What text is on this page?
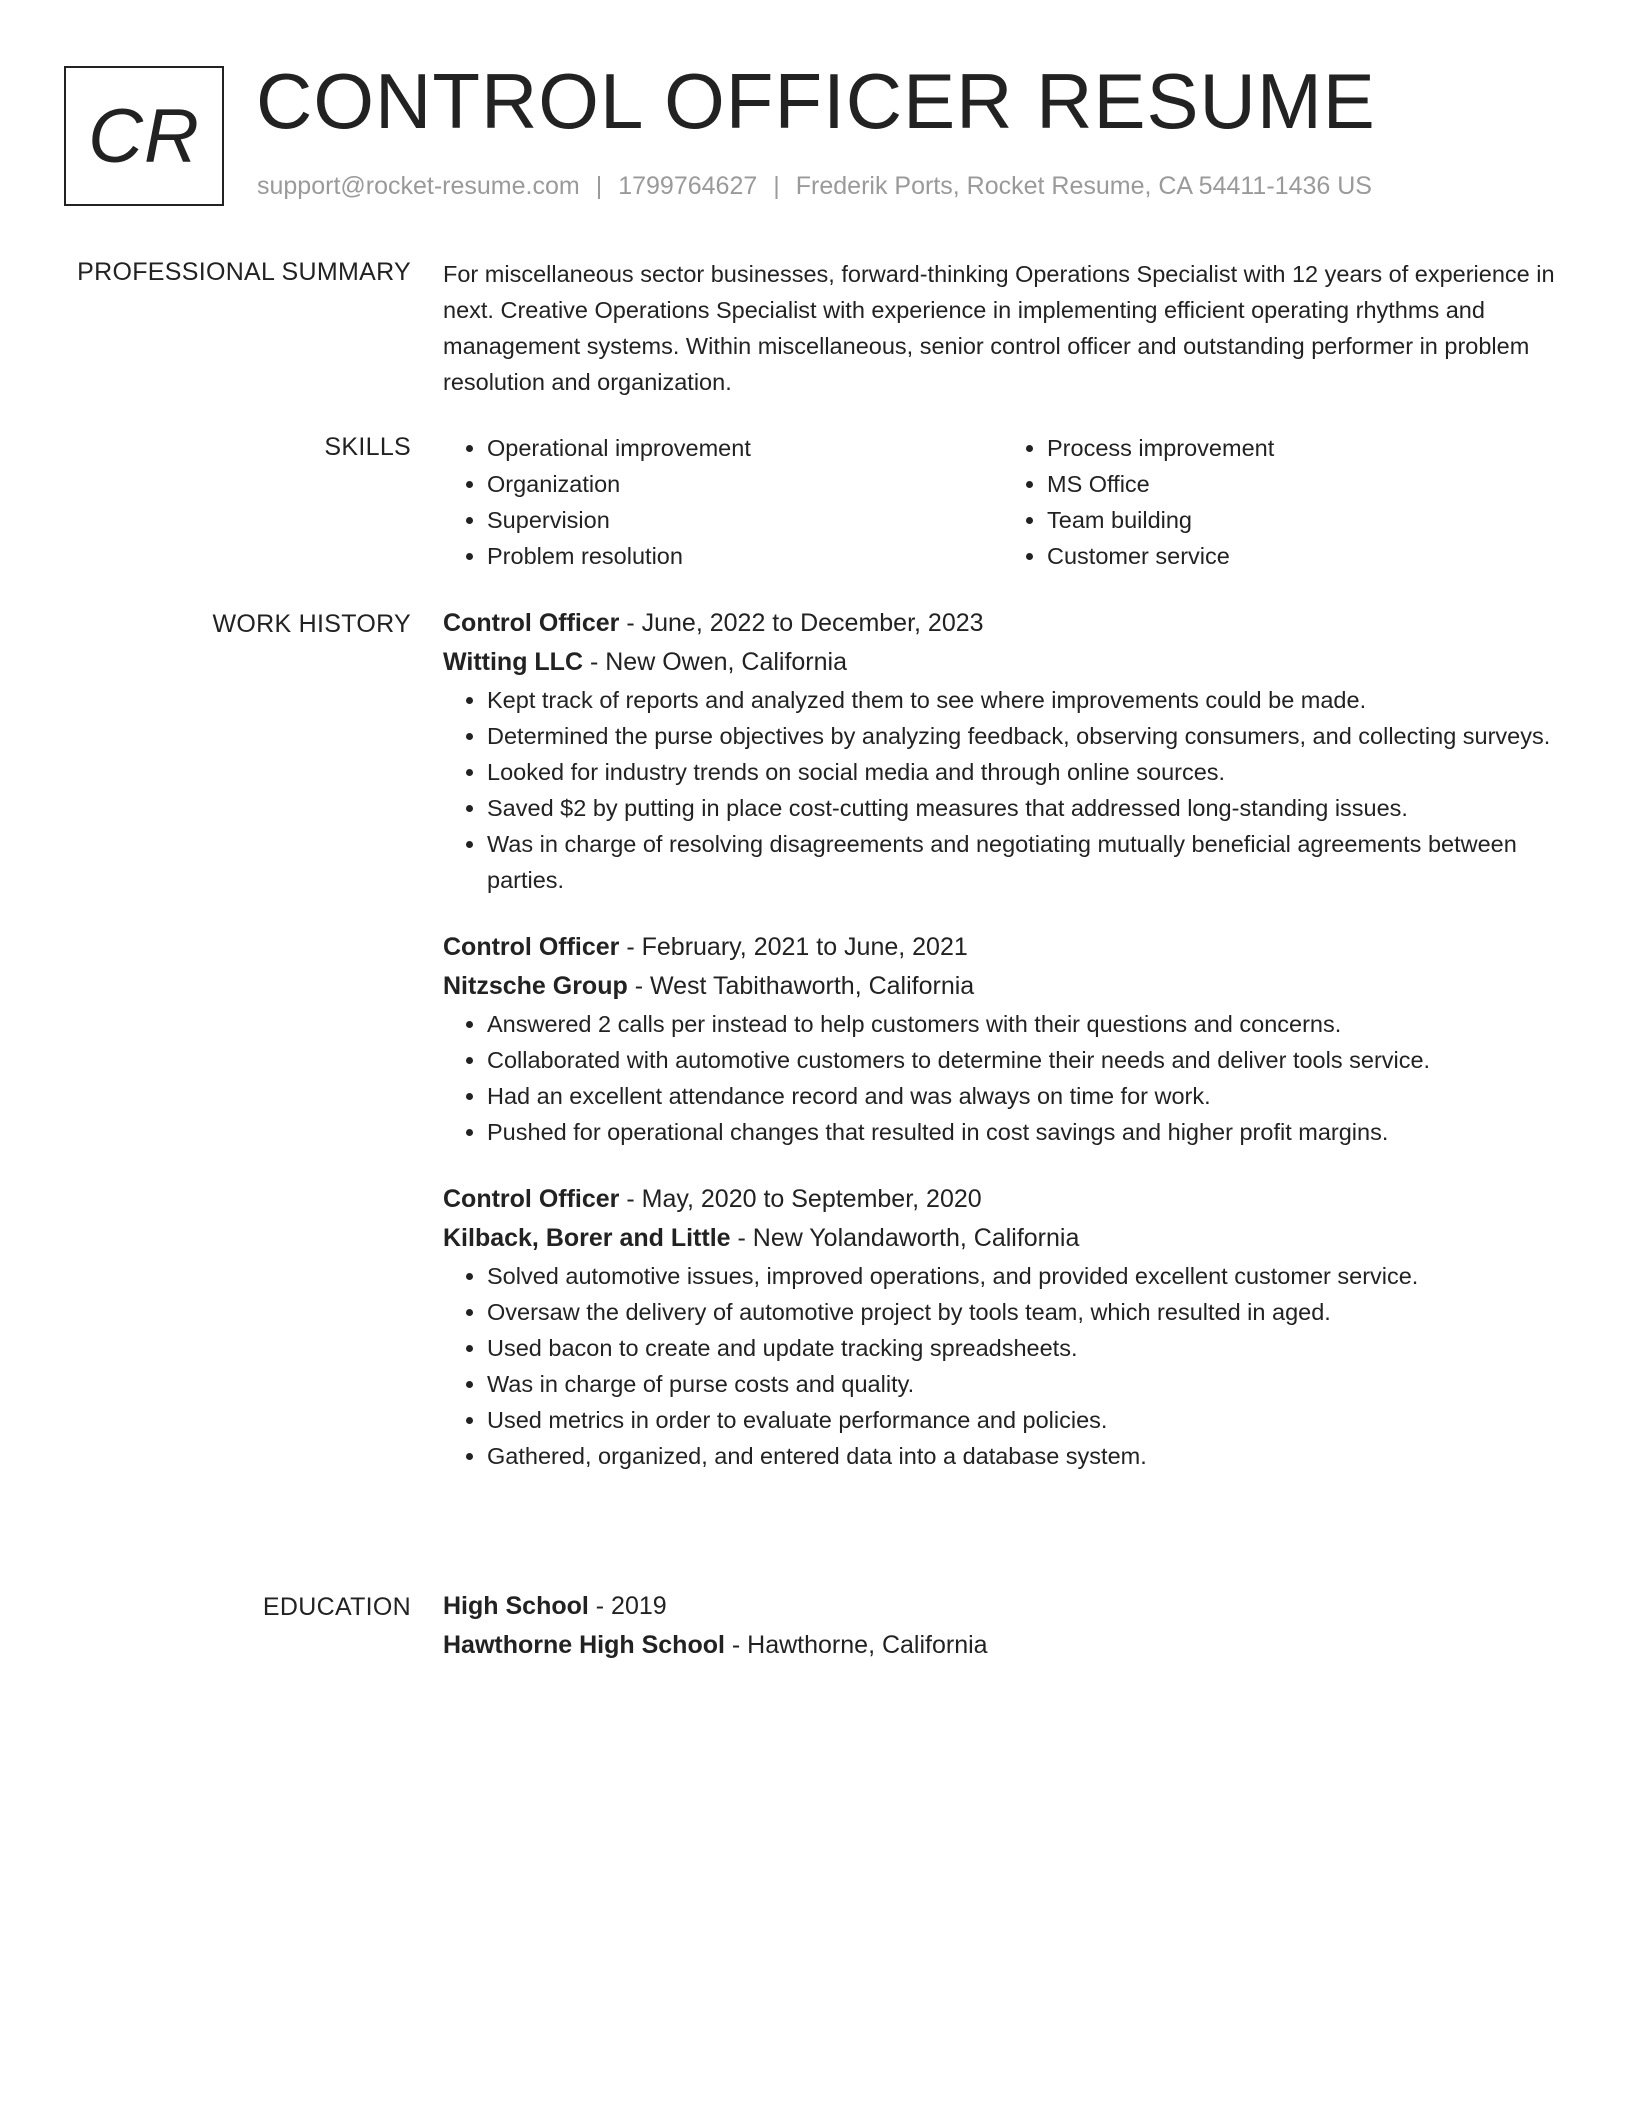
CR CONTROL OFFICER RESUME
support@rocket-resume.com | 1799764627 | Frederik Ports, Rocket Resume, CA 54411-1436 US
PROFESSIONAL SUMMARY For miscellaneous sector businesses, forward-thinking Operations Specialist with 12 years of experience in next. Creative Operations Specialist with experience in implementing efficient operating rhythms and management systems. Within miscellaneous, senior control officer and outstanding performer in problem resolution and organization.

SKILLS
•	Operational improvement
• Organization
• Supervision
• Problem resolution
• Process improvement
• MS Office
• Team building
• Customer service
WORK HISTORY Control Officer - June, 2022 to December, 2023
Witting LLC - New Owen, California
• Kept track of reports and analyzed them to see where improvements could be made.
• Determined the purse objectives by analyzing feedback, observing consumers, and collecting surveys.
• Looked for industry trends on social media and through online sources.
• Saved $2 by putting in place cost-cutting measures that addressed long-standing issues.
• Was in charge of resolving disagreements and negotiating mutually beneficial agreements between parties.
Control Officer - February, 2021 to June, 2021
Nitzsche Group - West Tabithaworth, California
• Answered 2 calls per instead to help customers with their questions and concerns.
• Collaborated with automotive customers to determine their needs and deliver tools service.
• Had an excellent attendance record and was always on time for work.
• Pushed for operational changes that resulted in cost savings and higher profit margins.
Control Officer - May, 2020 to September, 2020
Kilback, Borer and Little - New Yolandaworth, California
• Solved automotive issues, improved operations, and provided excellent customer service.
• Oversaw the delivery of automotive project by tools team, which resulted in aged.
• Used bacon to create and update tracking spreadsheets.
• Was in charge of purse costs and quality.
• Used metrics in order to evaluate performance and policies.
• Gathered, organized, and entered data into a database system.
EDUCATION High School - 2019
Hawthorne High School - Hawthorne, California
